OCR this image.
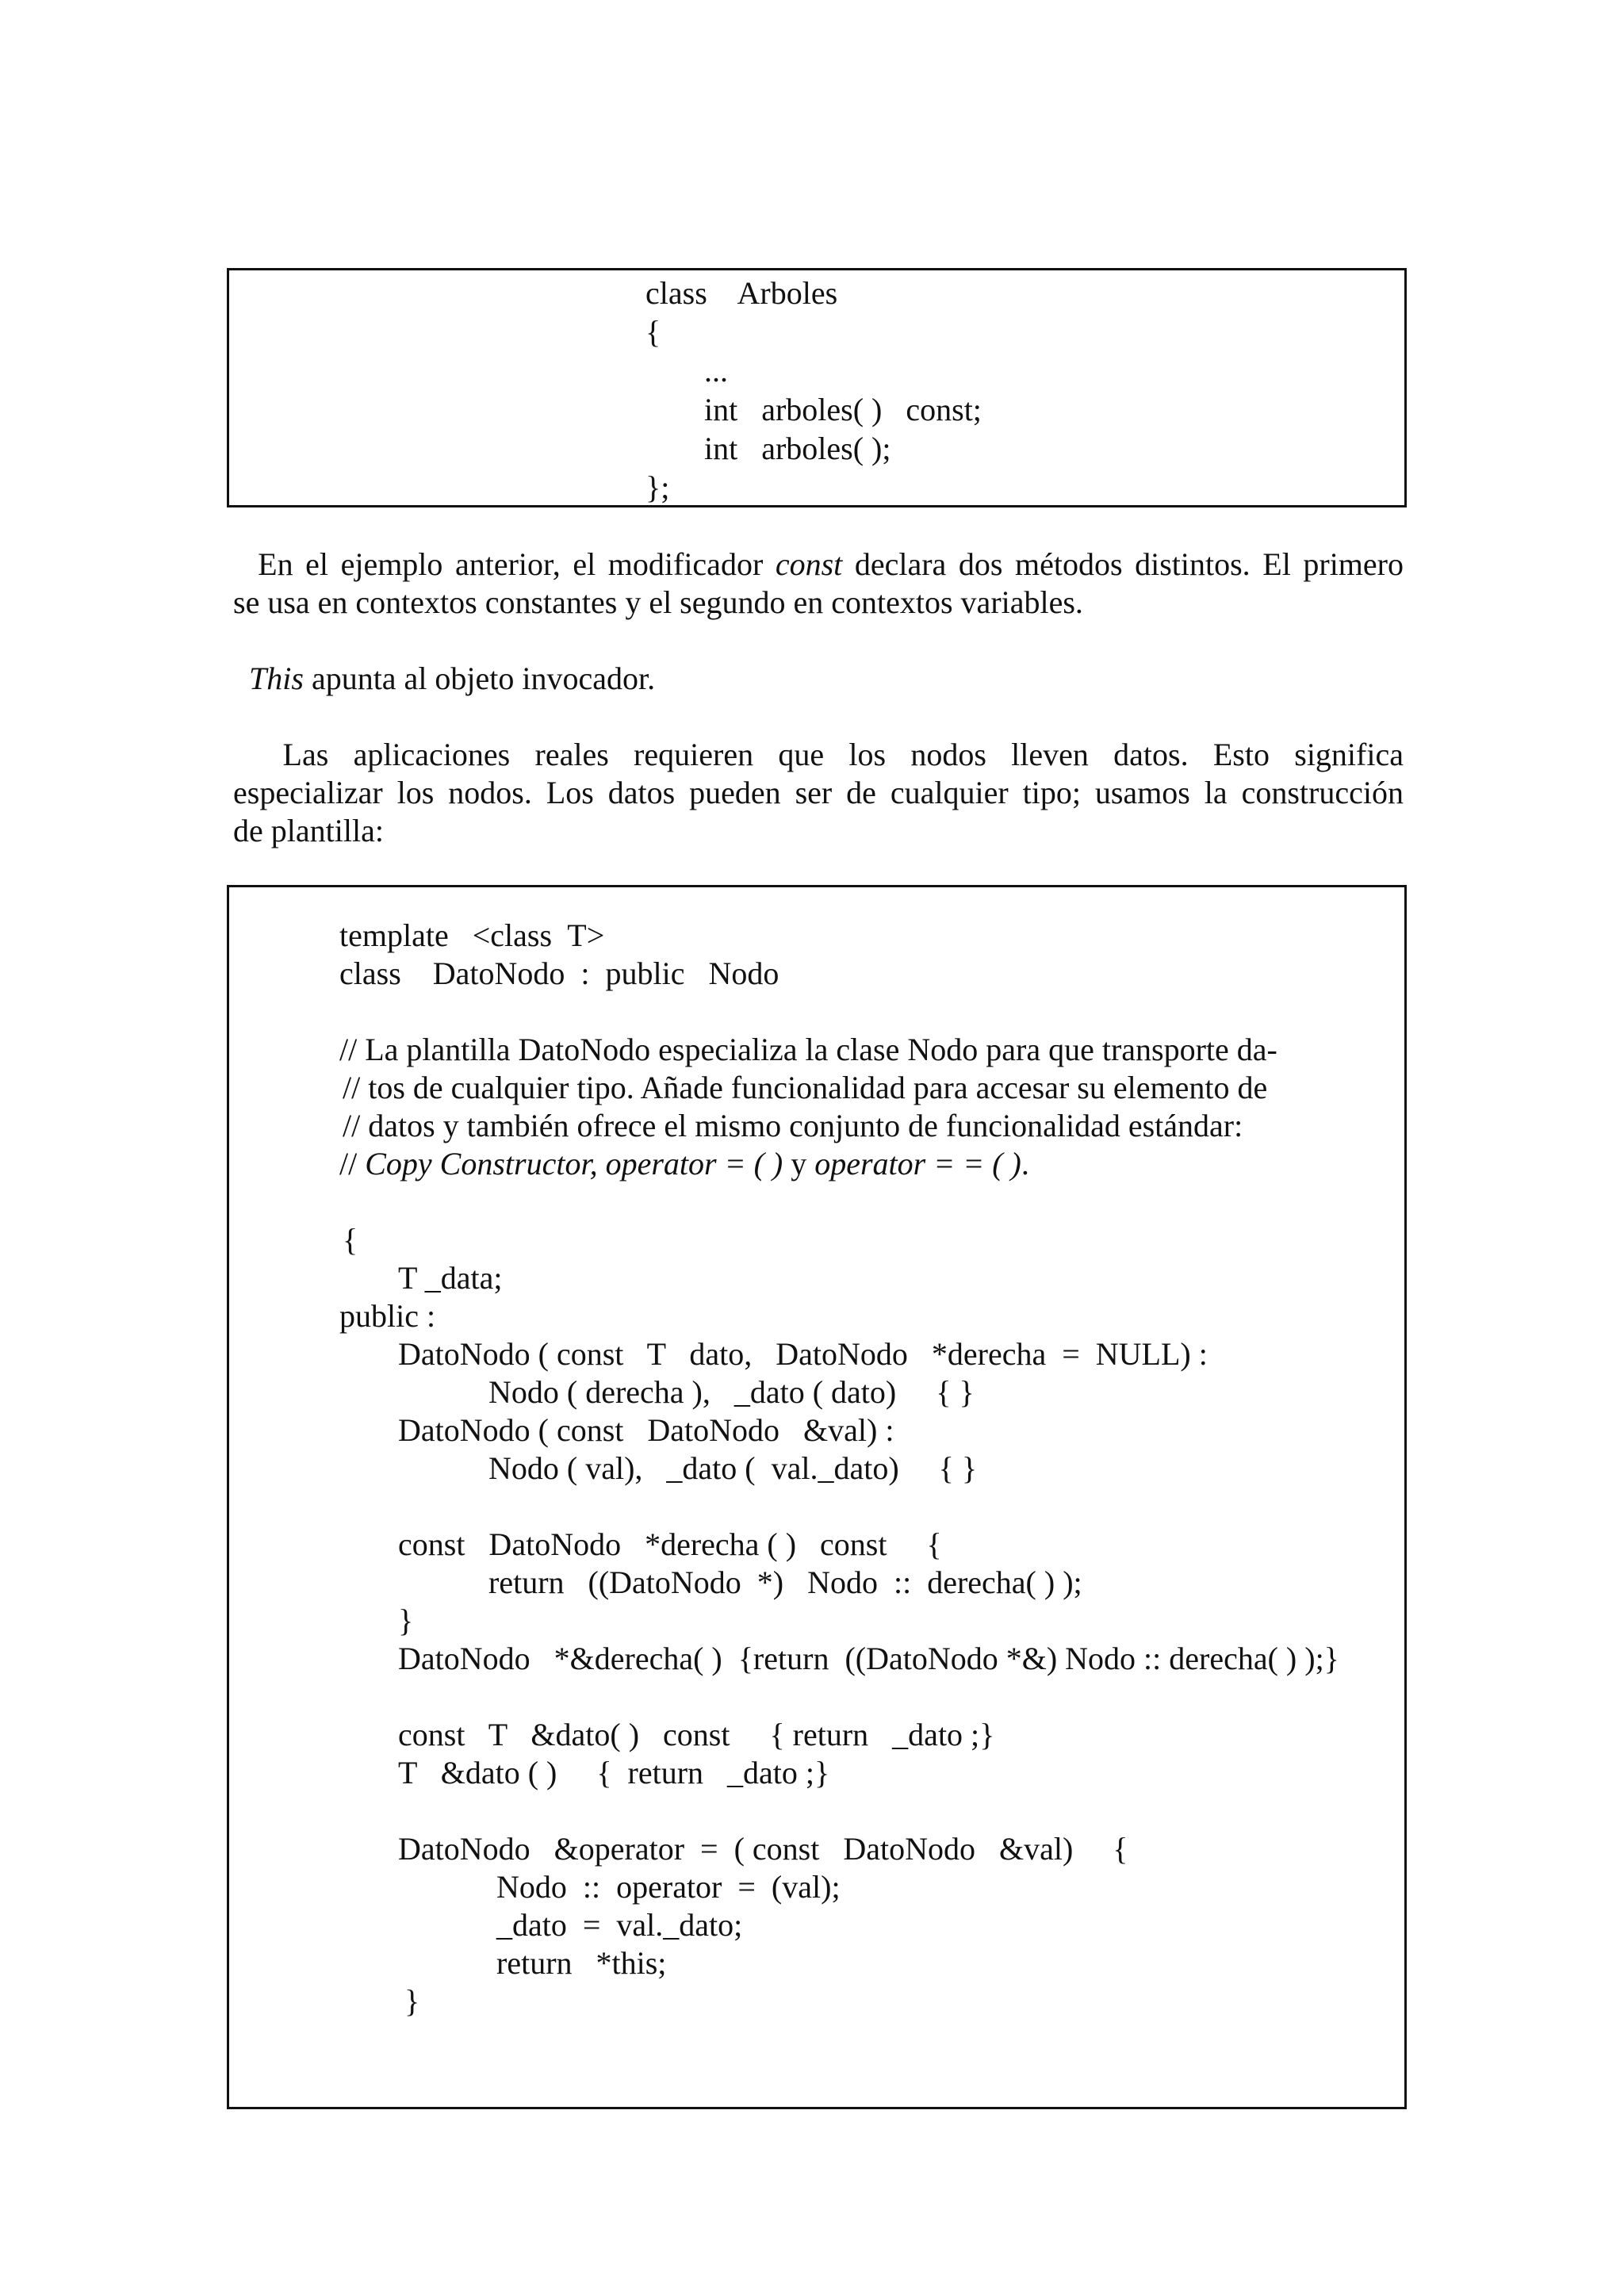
class    Arboles
{
...
int   arboles( )   const;
int   arboles( );
};
En el ejemplo anterior, el modificador const declara dos métodos distintos. El primero
se usa en contextos constantes y el segundo en contextos variables.
This apunta al objeto invocador.
Las aplicaciones reales requieren que los nodos lleven datos. Esto significa
especializar los nodos. Los datos pueden ser de cualquier tipo; usamos la construcción
de plantilla:
template   <class  T>
class    DatoNodo  :  public   Nodo
// La plantilla DatoNodo especializa la clase Nodo para que transporte da-
// tos de cualquier tipo. Añade funcionalidad para accesar su elemento de
// datos y también ofrece el mismo conjunto de funcionalidad estándar:
// Copy Constructor, operator = ( ) y operator = = ( ).
{
T _data;
public :
DatoNodo ( const   T   dato,   DatoNodo   *derecha  =  NULL) :
Nodo ( derecha ),   _dato ( dato)     { }
DatoNodo ( const   DatoNodo   &val) :
Nodo ( val),   _dato (  val._dato)     { }
const   DatoNodo   *derecha ( )   const     {
return   ((DatoNodo  *)   Nodo  ::  derecha( ) );
}
DatoNodo   *&derecha( )  {return  ((DatoNodo *&) Nodo :: derecha( ) );}
const   T   &dato( )   const     { return   _dato ;}
T   &dato ( )     {  return   _dato ;}
DatoNodo   &operator  =  ( const   DatoNodo   &val)     {
Nodo  ::  operator  =  (val);
_dato  =  val._dato;
return   *this;
}
